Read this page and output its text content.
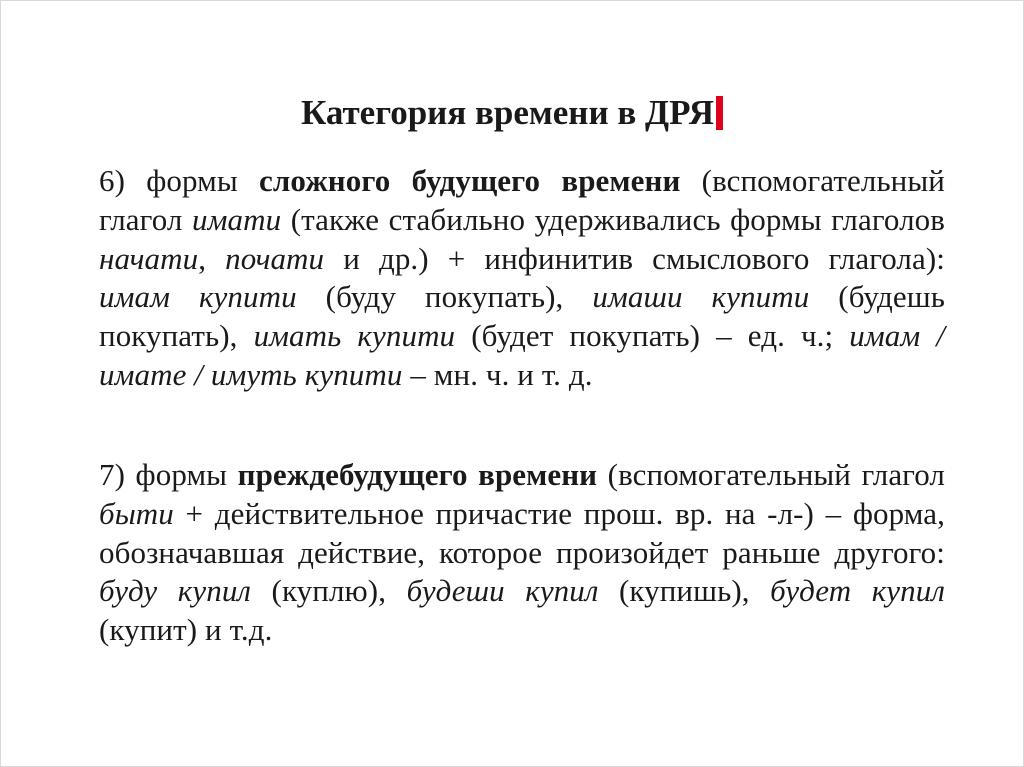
Категория времени в ДРЯ

6) формы сложного будущего времени (вспомогательный глагол имати (также стабильно удерживались формы глаголов начати, почати и др.) + инфинитив смыслового глагола): имам купити (буду покупать), имаши купити (будешь покупать), имать купити (будет покупать) – ед. ч.; имам / имате / имуть купити – мн. ч. и т. д.

7) формы преждебудущего времени (вспомогательный глагол быти + действительное причастие прош. вр. на -л-) – форма, обозначавшая действие, которое произойдет раньше другого: буду купил (куплю), будеши купил (купишь), будет купил (купит) и т.д.
